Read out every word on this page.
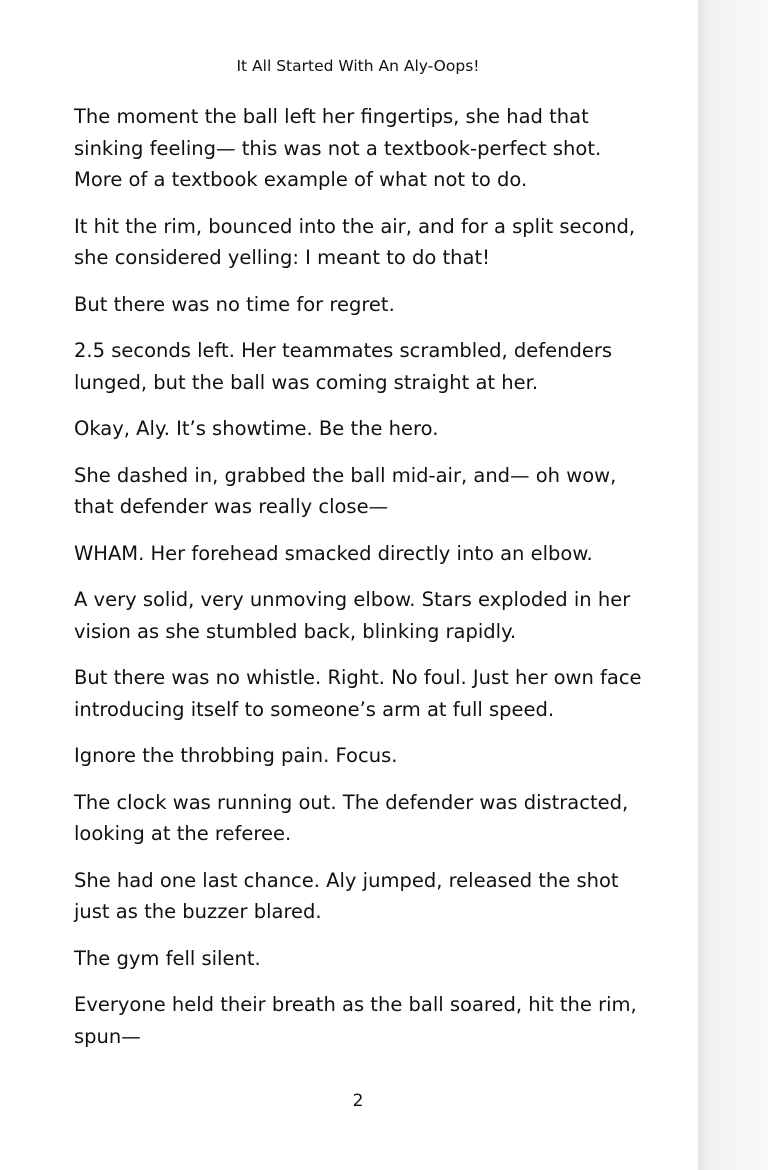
It All Started With An Aly-Oops!

The moment the ball left her fingertips, she had that
sinking feeling— this was not a textbook-perfect shot.
More of a textbook example of what not to do.

It hit the rim, bounced into the air, and for a split second,
she considered yelling: I meant to do that!

But there was no time for regret.

2.5 seconds left. Her teammates scrambled, defenders
lunged, but the ball was coming straight at her.

Okay, Aly. It’s showtime. Be the hero.

She dashed in, grabbed the ball mid-air, and— oh wow,
that defender was really close—

WHAM. Her forehead smacked directly into an elbow.

A very solid, very unmoving elbow. Stars exploded in her
vision as she stumbled back, blinking rapidly.

But there was no whistle. Right. No foul. Just her own face
introducing itself to someone’s arm at full speed.

Ignore the throbbing pain. Focus.

The clock was running out. The defender was distracted,
looking at the referee.

She had one last chance. Aly jumped, released the shot
just as the buzzer blared.

The gym fell silent.

Everyone held their breath as the ball soared, hit the rim,
spun—

2
